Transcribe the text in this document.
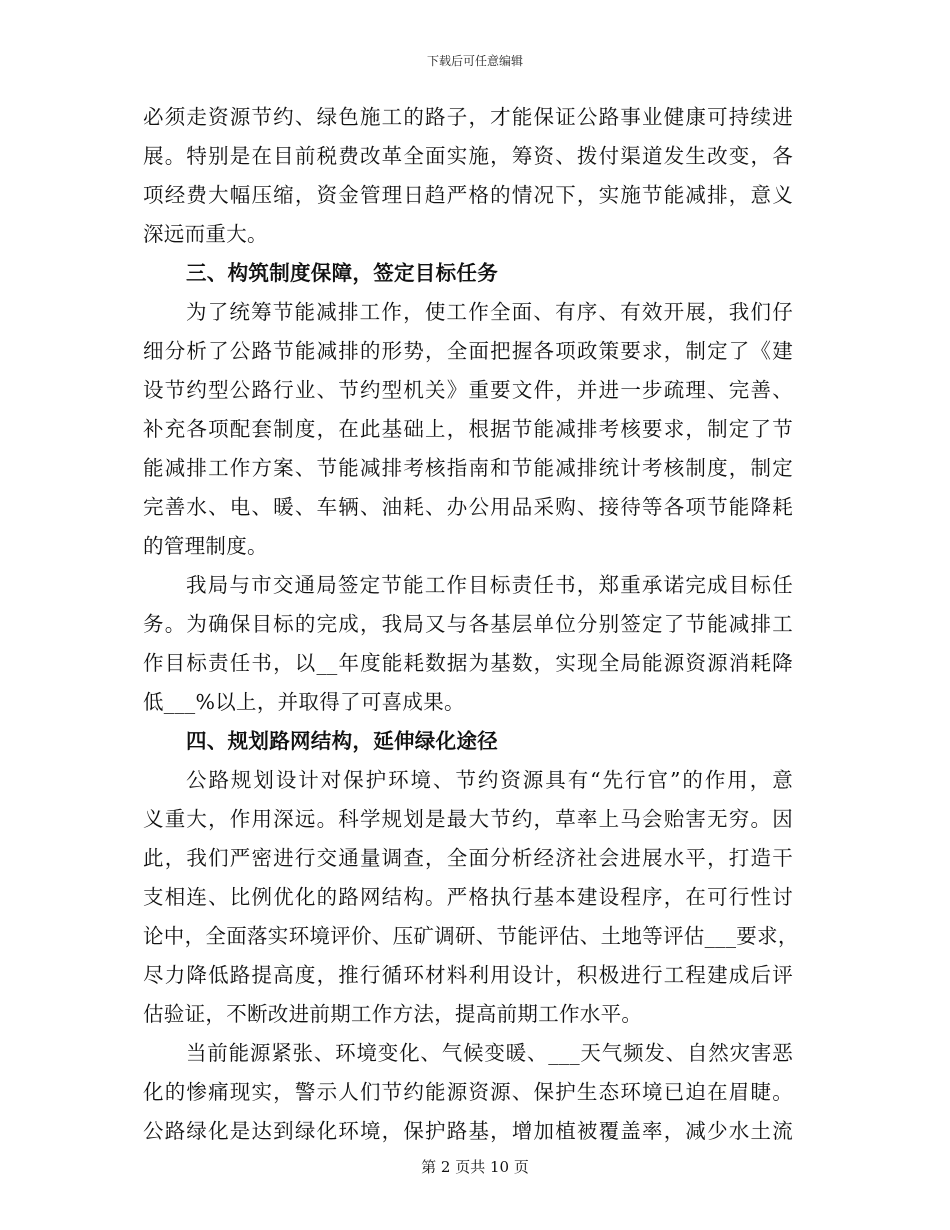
下载后可任意编辑
必须走资源节约、绿色施工的路子，才能保证公路事业健康可持续进
展。特别是在目前税费改革全面实施，筹资、拨付渠道发生改变，各
项经费大幅压缩，资金管理日趋严格的情况下，实施节能减排，意义
深远而重大。
三、构筑制度保障，签定目标任务
为了统筹节能减排工作，使工作全面、有序、有效开展，我们仔
细分析了公路节能减排的形势，全面把握各项政策要求，制定了《建
设节约型公路行业、节约型机关》重要文件，并进一步疏理、完善、
补充各项配套制度，在此基础上，根据节能减排考核要求，制定了节
能减排工作方案、节能减排考核指南和节能减排统计考核制度，制定
完善水、电、暖、车辆、油耗、办公用品采购、接待等各项节能降耗
的管理制度。
我局与市交通局签定节能工作目标责任书，郑重承诺完成目标任
务。为确保目标的完成，我局又与各基层单位分别签定了节能减排工
作目标责任书，以__年度能耗数据为基数，实现全局能源资源消耗降
低___%以上，并取得了可喜成果。
四、规划路网结构，延伸绿化途径
公路规划设计对保护环境、节约资源具有“先行官”的作用，意
义重大，作用深远。科学规划是最大节约，草率上马会贻害无穷。因
此，我们严密进行交通量调查，全面分析经济社会进展水平，打造干
支相连、比例优化的路网结构。严格执行基本建设程序，在可行性讨
论中，全面落实环境评价、压矿调研、节能评估、土地等评估___要求，
尽力降低路提高度，推行循环材料利用设计，积极进行工程建成后评
估验证，不断改进前期工作方法，提高前期工作水平。
当前能源紧张、环境变化、气候变暖、___天气频发、自然灾害恶
化的惨痛现实，警示人们节约能源资源、保护生态环境已迫在眉睫。
公路绿化是达到绿化环境，保护路基，增加植被覆盖率，减少水土流
第 2 页共 10 页
